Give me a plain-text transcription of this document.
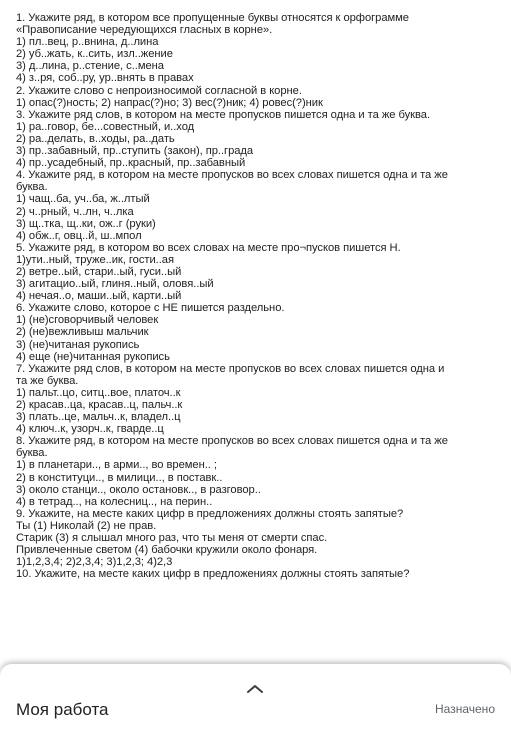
1. Укажите ряд, в котором все пропущенные буквы относятся к орфограмме
«Правописание чередующихся гласных в корне».
1) пл..вец, р..внина, д..лина
2) уб..жать, к..сить, изл..жение
3) д..лина, р..стение, с..мена
4) з..ря, соб..ру, ур..внять в правах
2. Укажите слово с непроизносимой согласной в корне.
1) опас(?)ность; 2) напрас(?)но; 3) вес(?)ник; 4) ровес(?)ник
3. Укажите ряд слов, в котором на месте пропусков пишется одна и та же буква.
1) ра..говор, бе...совестный, и..ход
2) ра..делать, в..ходы, ра..дать
3) пр..забавный, пр..ступить (закон), пр..града
4) пр..усадебный, пр..красный, пр..забавный
4. Укажите ряд, в котором на месте пропусков во всех словах пишется одна и та же
буква.
1) чащ..ба, уч..ба, ж..лтый
2) ч..рный, ч..лн, ч..лка
3) щ..тка, щ..ки, ож..г (руки)
4) обж..г, овц..й, ш..мпол
5. Укажите ряд, в котором во всех словах на месте про¬пусков пишется Н.
1)ути..ный, труже..ик, гости..ая
2) ветре..ый, стари..ый, гуси..ый
3) агитацио..ый, глиня..ный, оловя..ый
4) нечая..о, маши..ый, карти..ый
6. Укажите слово, которое с НЕ пишется раздельно.
1) (не)сговорчивый человек
2) (не)вежливыш мальчик
3) (не)читаная рукопись
4) еще (не)читанная рукопись
7. Укажите ряд слов, в котором на месте пропусков во всех словах пишется одна и
та же буква.
1) пальт..цо, ситц..вое, платоч..к
2) красав..ца, красав..ц, пальч..к
3) плать..це, мальч..к, владел..ц
4) ключ..к, узорч..к, гварде..ц
8. Укажите ряд, в котором на месте пропусков во всех словах пишется одна и та же
буква.
1) в планетари.., в арми.., во времен.. ;
2) в конституци.., в милици.., в поставк..
3) около станци.., около остановк.., в разговор..
4) в тетрад.., на колесниц.., на перин..
9. Укажите, на месте каких цифр в предложениях должны стоять запятые?
Ты (1) Николай (2) не прав.
Старик (3) я слышал много раз, что ты меня от смерти спас.
Привлеченные светом (4) бабочки кружили около фонаря.
1)1,2,3,4; 2)2,3,4; 3)1,2,3; 4)2,3
10. Укажите, на месте каких цифр в предложениях должны стоять запятые?
Моя работа	Назначено
